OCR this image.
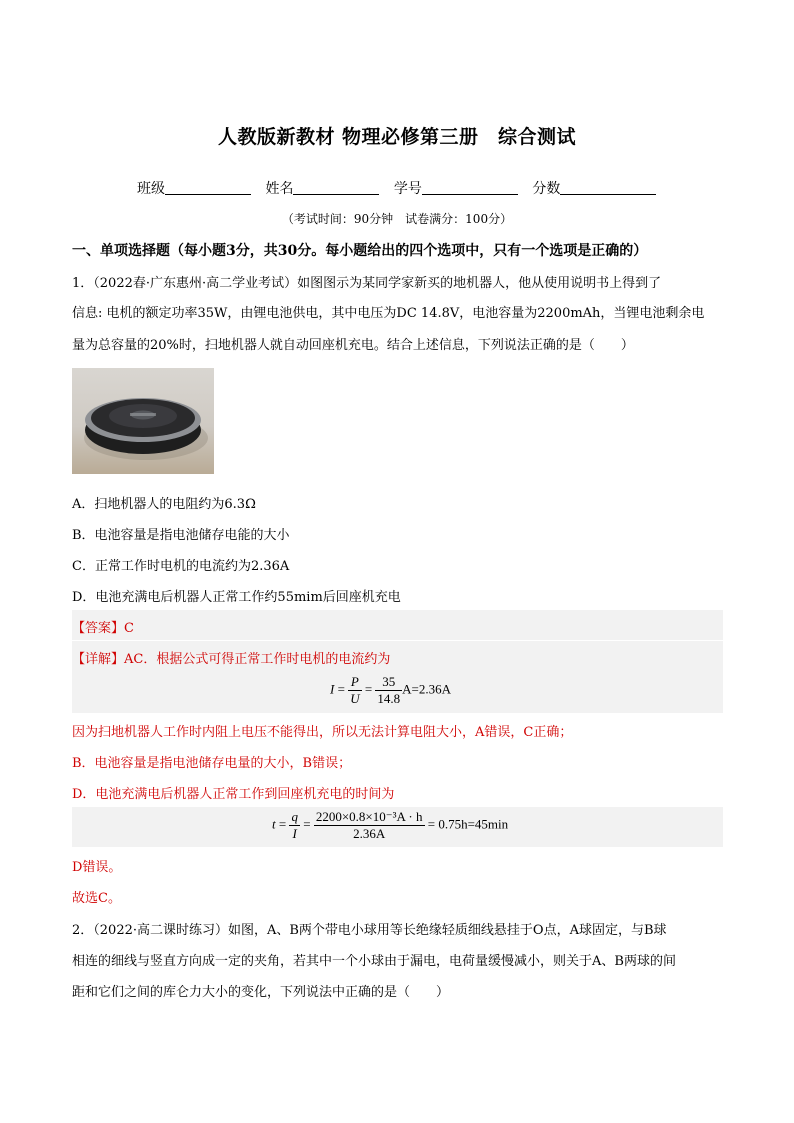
人教版新教材 物理必修第三册　综合测试
班级	姓名	学号	分数
（考试时间：90分钟　试卷满分：100分）
一、单项选择题（每小题3分，共30分。每小题给出的四个选项中，只有一个选项是正确的）
1．（2022春·广东惠州·高二学业考试）如图图示为某同学家新买的地机器人，他从使用说明书上得到了
信息: 电机的额定功率35W，由锂电池供电，其中电压为DC 14.8V，电池容量为2200mAh，当锂电池剩余电
量为总容量的20%时，扫地机器人就自动回座机充电。结合上述信息，下列说法正确的是（　　）
A．扫地机器人的电阻约为6.3Ω
B．电池容量是指电池储存电能的大小
C．正常工作时电机的电流约为2.36A
D．电池充满电后机器人正常工作约55mim后回座机充电
【答案】C
【详解】AC．根据公式可得正常工作时电机的电流约为
$I = \frac{P}{U} = \frac{35}{14.8} A=2.36A$
因为扫地机器人工作时内阻上电压不能得出，所以无法计算电阻大小，A错误，C正确；
B．电池容量是指电池储存电量的大小，B错误；
D．电池充满电后机器人正常工作到回座机充电的时间为
$t = \frac{q}{I} = \frac{\text{2200×0.8×10⁻³A · h}}{2.36A} = 0.75h=45\min$
D错误。
故选C。
2．（2022·高二课时练习）如图，A、B两个带电小球用等长绝缘轻质细线悬挂于O点，A球固定，与B球
相连的细线与竖直方向成一定的夹角，若其中一个小球由于漏电，电荷量缓慢减小，则关于A、B两球的间
距和它们之间的库仑力大小的变化，下列说法中正确的是（　　）
